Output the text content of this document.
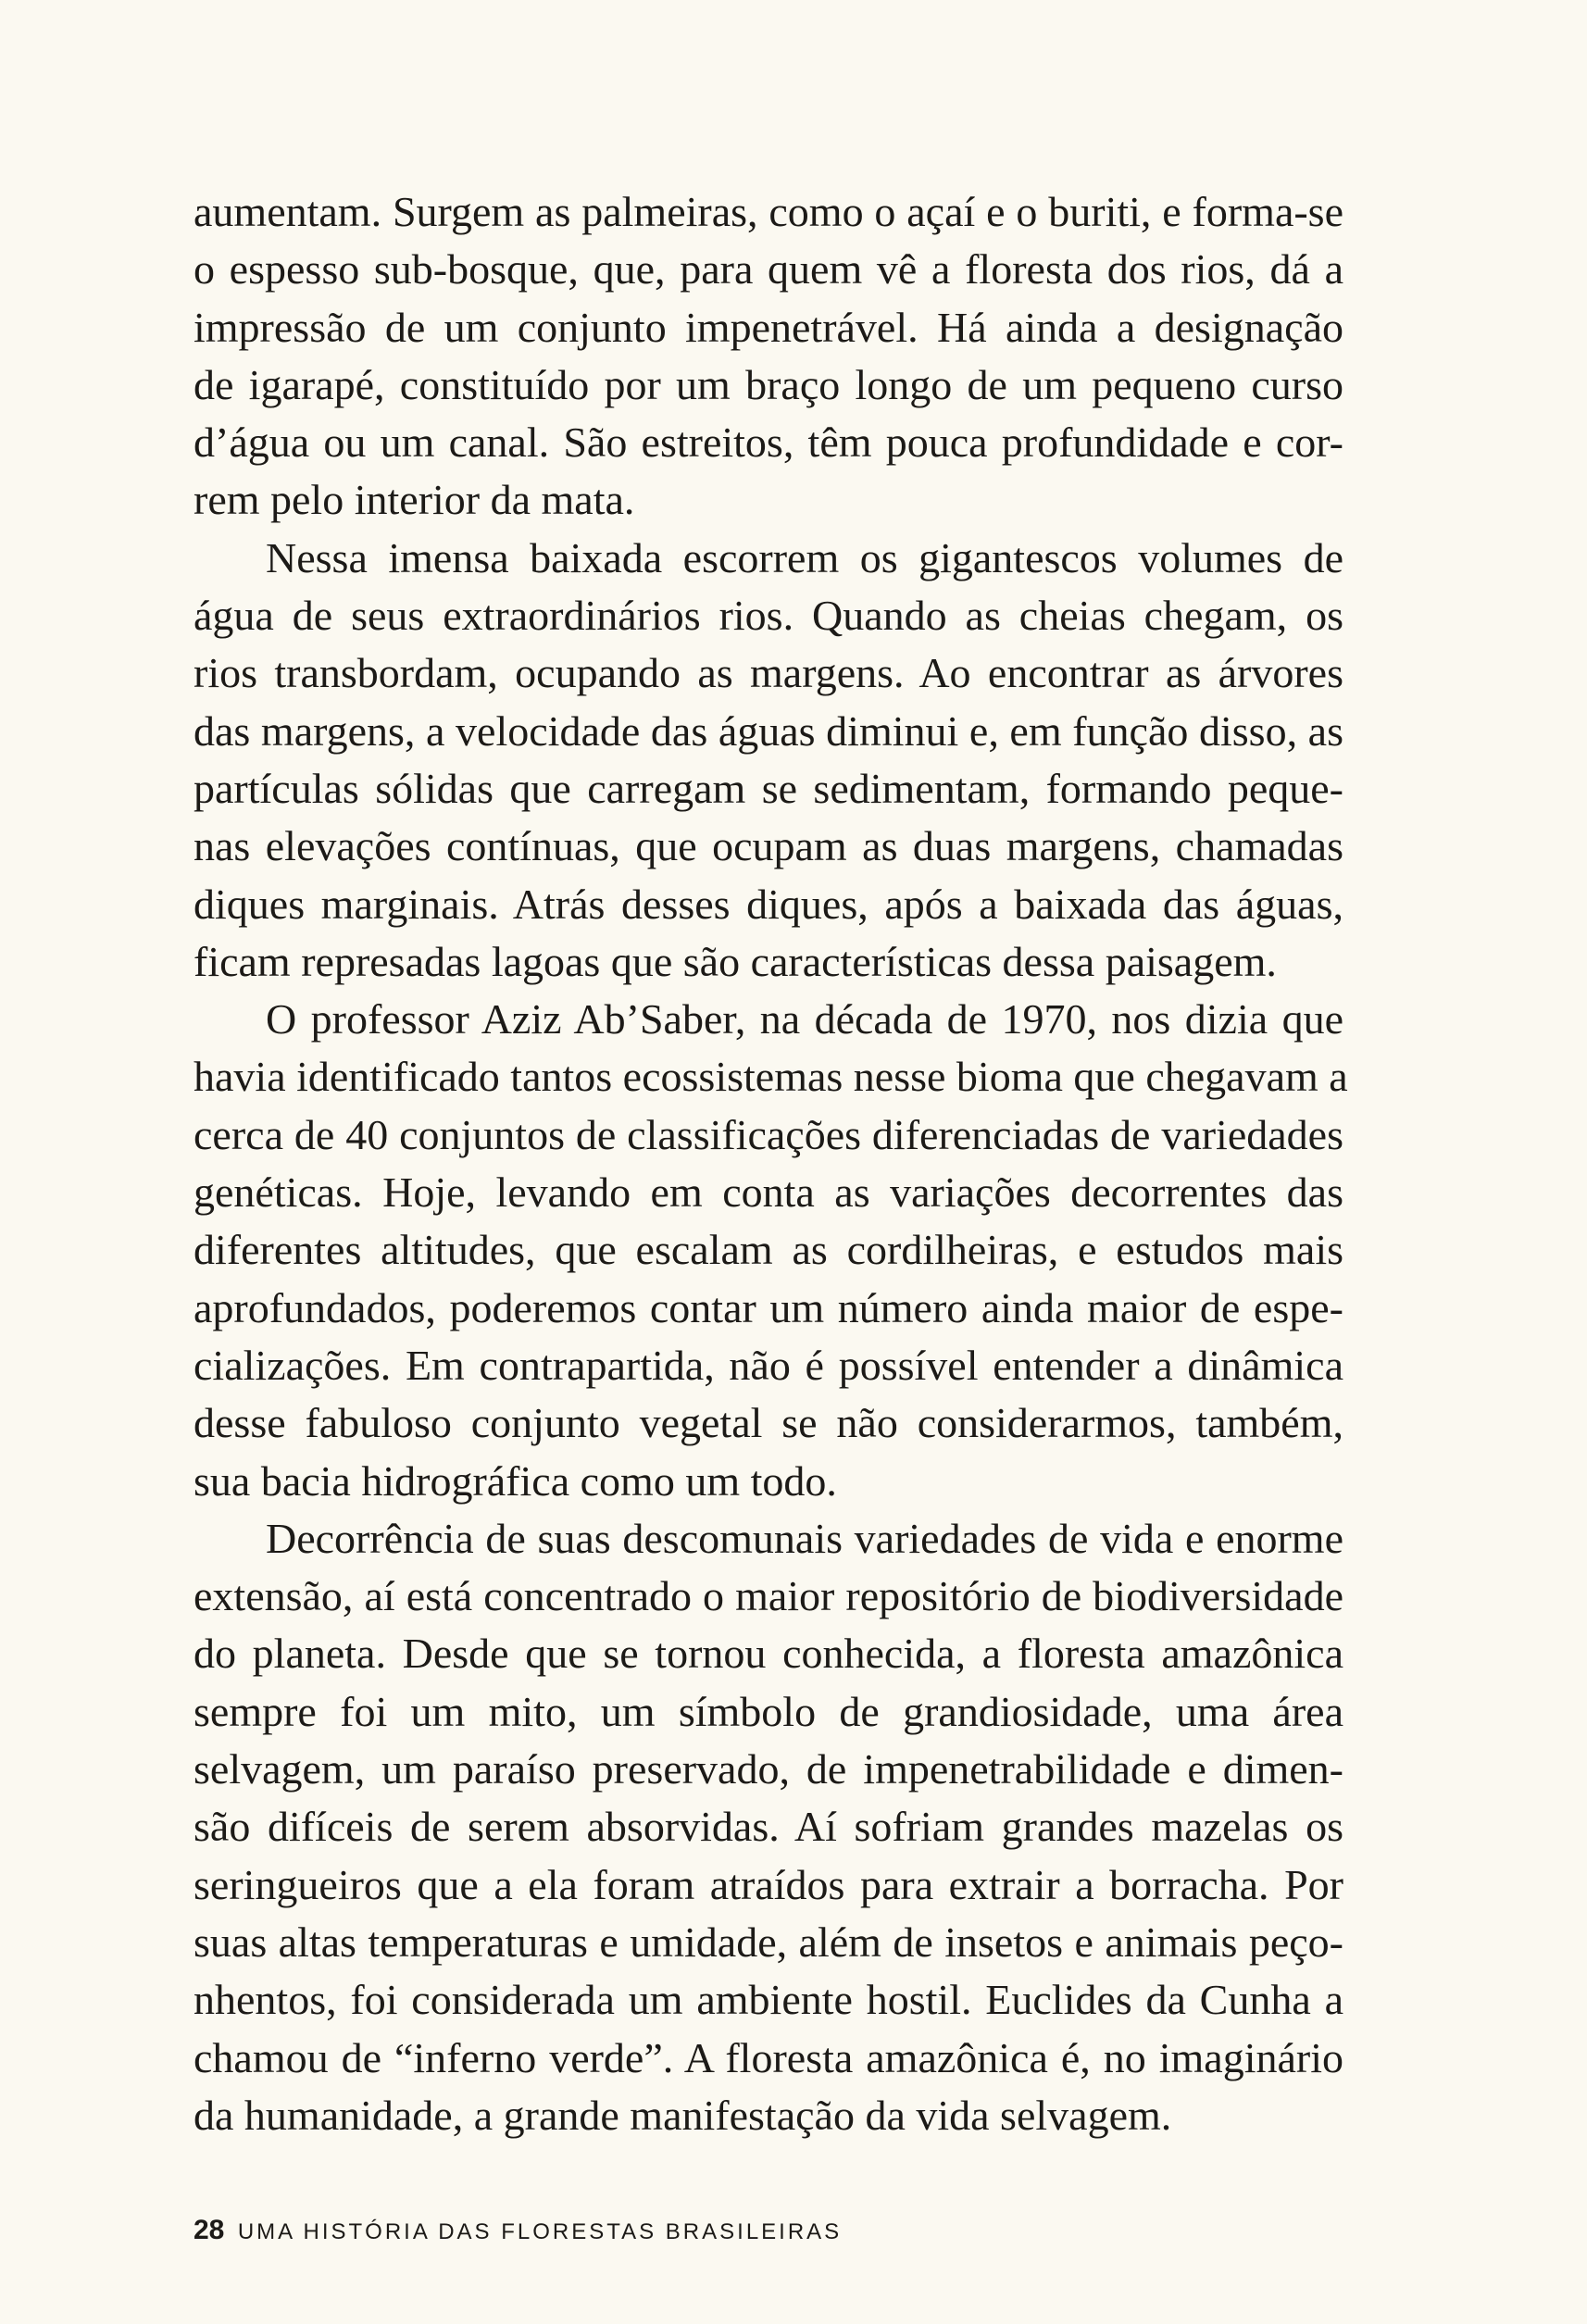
aumentam. Surgem as palmeiras, como o açaí e o buriti, e forma-se
o espesso sub-bosque, que, para quem vê a floresta dos rios, dá a
impressão de um conjunto impenetrável. Há ainda a designação
de igarapé, constituído por um braço longo de um pequeno curso
d’água ou um canal. São estreitos, têm pouca profundidade e cor-
rem pelo interior da mata.

Nessa imensa baixada escorrem os gigantescos volumes de
água de seus extraordinários rios. Quando as cheias chegam, os
rios transbordam, ocupando as margens. Ao encontrar as árvores
das margens, a velocidade das águas diminui e, em função disso, as
partículas sólidas que carregam se sedimentam, formando peque-
nas elevações contínuas, que ocupam as duas margens, chamadas
diques marginais. Atrás desses diques, após a baixada das águas,
ficam represadas lagoas que são características dessa paisagem.

O professor Aziz Ab’Saber, na década de 1970, nos dizia que
havia identificado tantos ecossistemas nesse bioma que chegavam a
cerca de 40 conjuntos de classificações diferenciadas de variedades
genéticas. Hoje, levando em conta as variações decorrentes das
diferentes altitudes, que escalam as cordilheiras, e estudos mais
aprofundados, poderemos contar um número ainda maior de espe-
cializações. Em contrapartida, não é possível entender a dinâmica
desse fabuloso conjunto vegetal se não considerarmos, também,
sua bacia hidrográfica como um todo.

Decorrência de suas descomunais variedades de vida e enorme
extensão, aí está concentrado o maior repositório de biodiversidade
do planeta. Desde que se tornou conhecida, a floresta amazônica
sempre foi um mito, um símbolo de grandiosidade, uma área
selvagem, um paraíso preservado, de impenetrabilidade e dimen-
são difíceis de serem absorvidas. Aí sofriam grandes mazelas os
seringueiros que a ela foram atraídos para extrair a borracha. Por
suas altas temperaturas e umidade, além de insetos e animais peço-
nhentos, foi considerada um ambiente hostil. Euclides da Cunha a
chamou de “inferno verde”. A floresta amazônica é, no imaginário
da humanidade, a grande manifestação da vida selvagem.

28 UMA HISTÓRIA DAS FLORESTAS BRASILEIRAS
